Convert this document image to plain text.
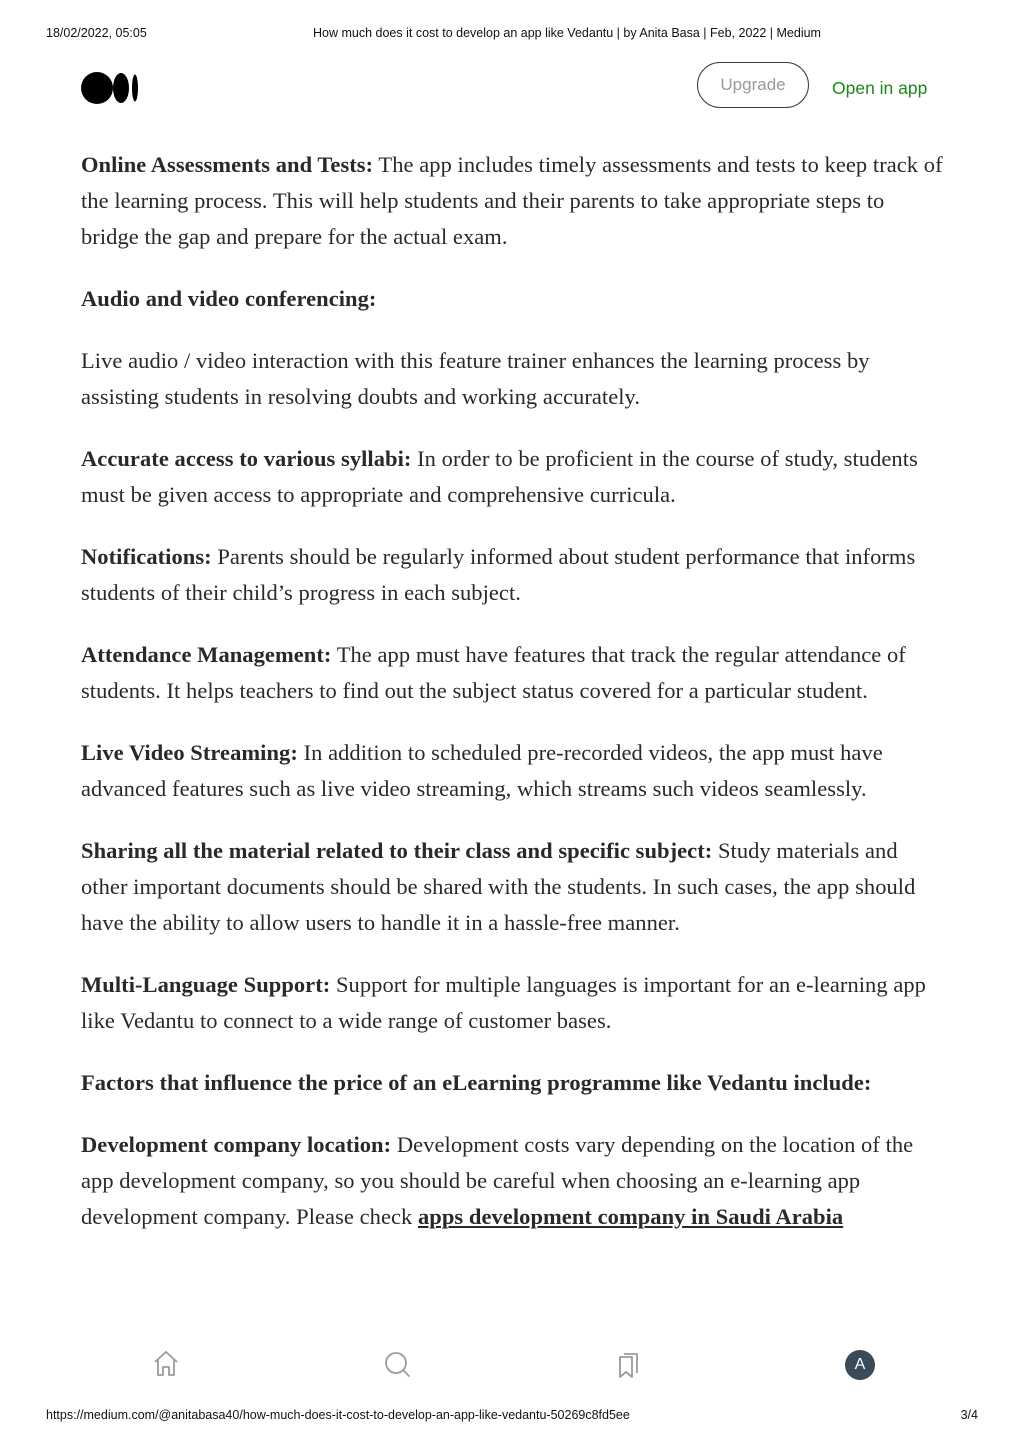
18/02/2022, 05:05	How much does it cost to develop an app like Vedantu | by Anita Basa | Feb, 2022 | Medium
Upgrade	Open in app

Online Assessments and Tests: The app includes timely assessments and tests to keep track of the learning process. This will help students and their parents to take appropriate steps to bridge the gap and prepare for the actual exam.

Audio and video conferencing:

Live audio / video interaction with this feature trainer enhances the learning process by assisting students in resolving doubts and working accurately.

Accurate access to various syllabi: In order to be proficient in the course of study, students must be given access to appropriate and comprehensive curricula.

Notifications: Parents should be regularly informed about student performance that informs students of their child’s progress in each subject.

Attendance Management: The app must have features that track the regular attendance of students. It helps teachers to find out the subject status covered for a particular student.

Live Video Streaming: In addition to scheduled pre-recorded videos, the app must have advanced features such as live video streaming, which streams such videos seamlessly.

Sharing all the material related to their class and specific subject: Study materials and other important documents should be shared with the students. In such cases, the app should have the ability to allow users to handle it in a hassle-free manner.

Multi-Language Support: Support for multiple languages is important for an e-learning app like Vedantu to connect to a wide range of customer bases.

Factors that influence the price of an eLearning programme like Vedantu include:

Development company location: Development costs vary depending on the location of the app development company, so you should be careful when choosing an e-learning app development company. Please check apps development company in Saudi Arabia

A
https://medium.com/@anitabasa40/how-much-does-it-cost-to-develop-an-app-like-vedantu-50269c8fd5ee	3/4
